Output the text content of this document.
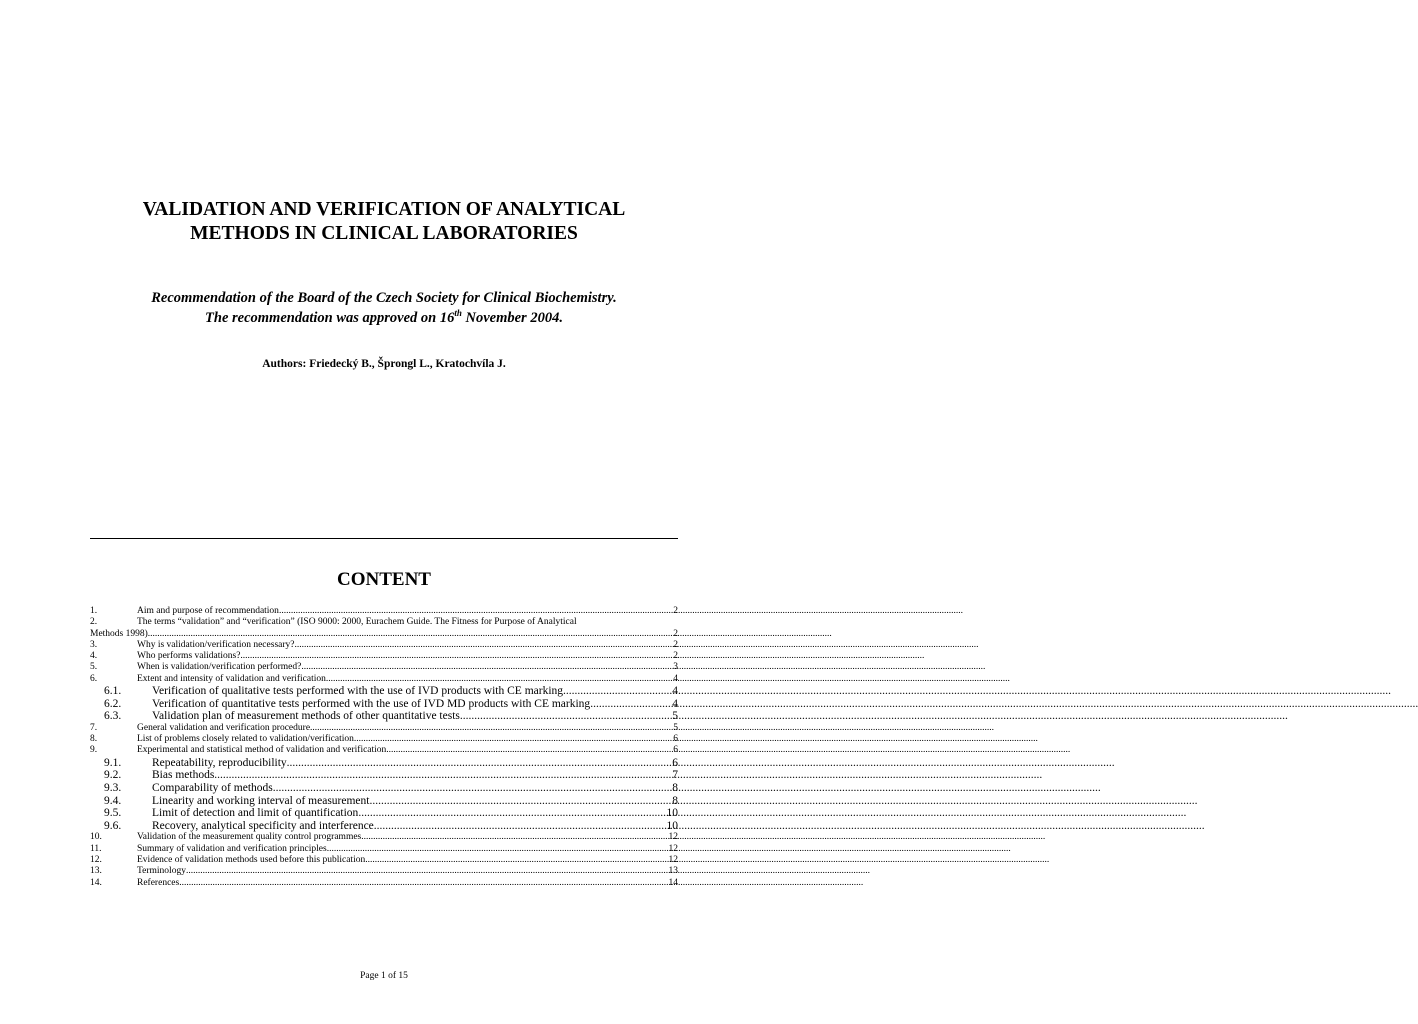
VALIDATION AND VERIFICATION OF ANALYTICAL
METHODS IN CLINICAL LABORATORIES
Recommendation of the Board of the Czech Society for Clinical Biochemistry.
The recommendation was approved on 16th November 2004.
Authors: Friedecký B., Šprongl L., Kratochvíla J.
CONTENT
1.	Aim and purpose of recommendation .....	2
2.	The terms “validation” and “verification” (ISO 9000: 2000, Eurachem Guide. The Fitness for Purpose of Analytical
Methods 1998) .....	2
3.	Why is validation/verification necessary? .....	2
4.	Who performs validations? .....	2
5.	When is validation/verification performed? .....	3
6.	Extent and intensity of validation and verification .....	4
6.1.	Verification of qualitative tests performed with the use of IVD products with CE marking .....	4
6.2.	Verification of quantitative tests performed with the use of IVD MD products with CE marking .....	4
6.3.	Validation plan of measurement methods of other quantitative tests .....	5
7.	General validation and verification procedure .....	5
8.	List of problems closely related to validation/verification .....	6
9.	Experimental and statistical method of validation and verification .....	6
9.1.	Repeatability, reproducibility .....	6
9.2.	Bias methods .....	7
9.3.	Comparability of methods .....	8
9.4.	Linearity and working interval of measurement .....	8
9.5.	Limit of detection and limit of quantification .....	10
9.6.	Recovery, analytical specificity and interference. .....	10
10.	Validation of the measurement quality control programmes .....	12
11.	Summary of validation and verification principles .....	12
12.	Evidence of validation methods used before this publication .....	12
13.	Terminology .....	13
14.	References .....	14
Page 1 of 15
